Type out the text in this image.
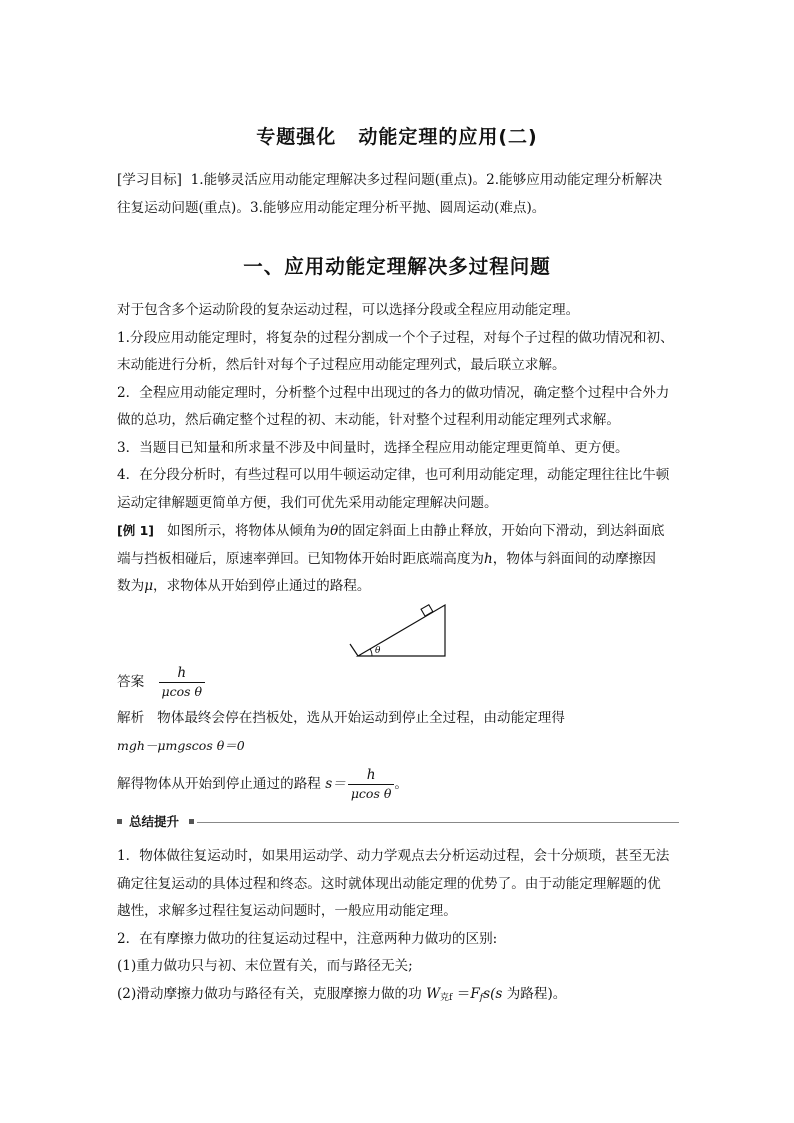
专题强化 动能定理的应用(二)

[学习目标] 1.能够灵活应用动能定理解决多过程问题(重点)。2.能够应用动能定理分析解决

往复运动问题(重点)。3.能够应用动能定理分析平抛、圆周运动(难点)。

一、应用动能定理解决多过程问题

对于包含多个运动阶段的复杂运动过程，可以选择分段或全程应用动能定理。

1.分段应用动能定理时，将复杂的过程分割成一个个子过程，对每个子过程的做功情况和初、

末动能进行分析，然后针对每个子过程应用动能定理列式，最后联立求解。

2．全程应用动能定理时，分析整个过程中出现过的各力的做功情况，确定整个过程中合外力

做的总功，然后确定整个过程的初、末动能，针对整个过程利用动能定理列式求解。

3．当题目已知量和所求量不涉及中间量时，选择全程应用动能定理更简单、更方便。

4．在分段分析时，有些过程可以用牛顿运动定律，也可利用动能定理，动能定理往往比牛顿

运动定律解题更简单方便，我们可优先采用动能定理解决问题。

[例 1] 如图所示，将物体从倾角为θ的固定斜面上由静止释放，开始向下滑动，到达斜面底

端与挡板相碰后，原速率弹回。已知物体开始时距底端高度为h，物体与斜面间的动摩擦因

数为μ，求物体从开始到停止通过的路程。

θ
答案 $\frac{h}{\text{μcos θ}}$
解析 物体最终会停在挡板处，选从开始运动到停止全过程，由动能定理得
mgh－μmgscos θ＝0
解得物体从开始到停止通过的路程 $s= \frac{h}{\text{μcos θ}}$ 。
总结提升

1．物体做往复运动时，如果用运动学、动力学观点去分析运动过程，会十分烦琐，甚至无法

确定往复运动的具体过程和终态。这时就体现出动能定理的优势了。由于动能定理解题的优

越性，求解多过程往复运动问题时，一般应用动能定理。

2．在有摩擦力做功的往复运动过程中，注意两种力做功的区别:

(1)重力做功只与初、末位置有关，而与路径无关;

(2)滑动摩擦力做功与路径有关，克服摩擦力做的功 $W_{克f} =F_fs(s$ 为路程)。
